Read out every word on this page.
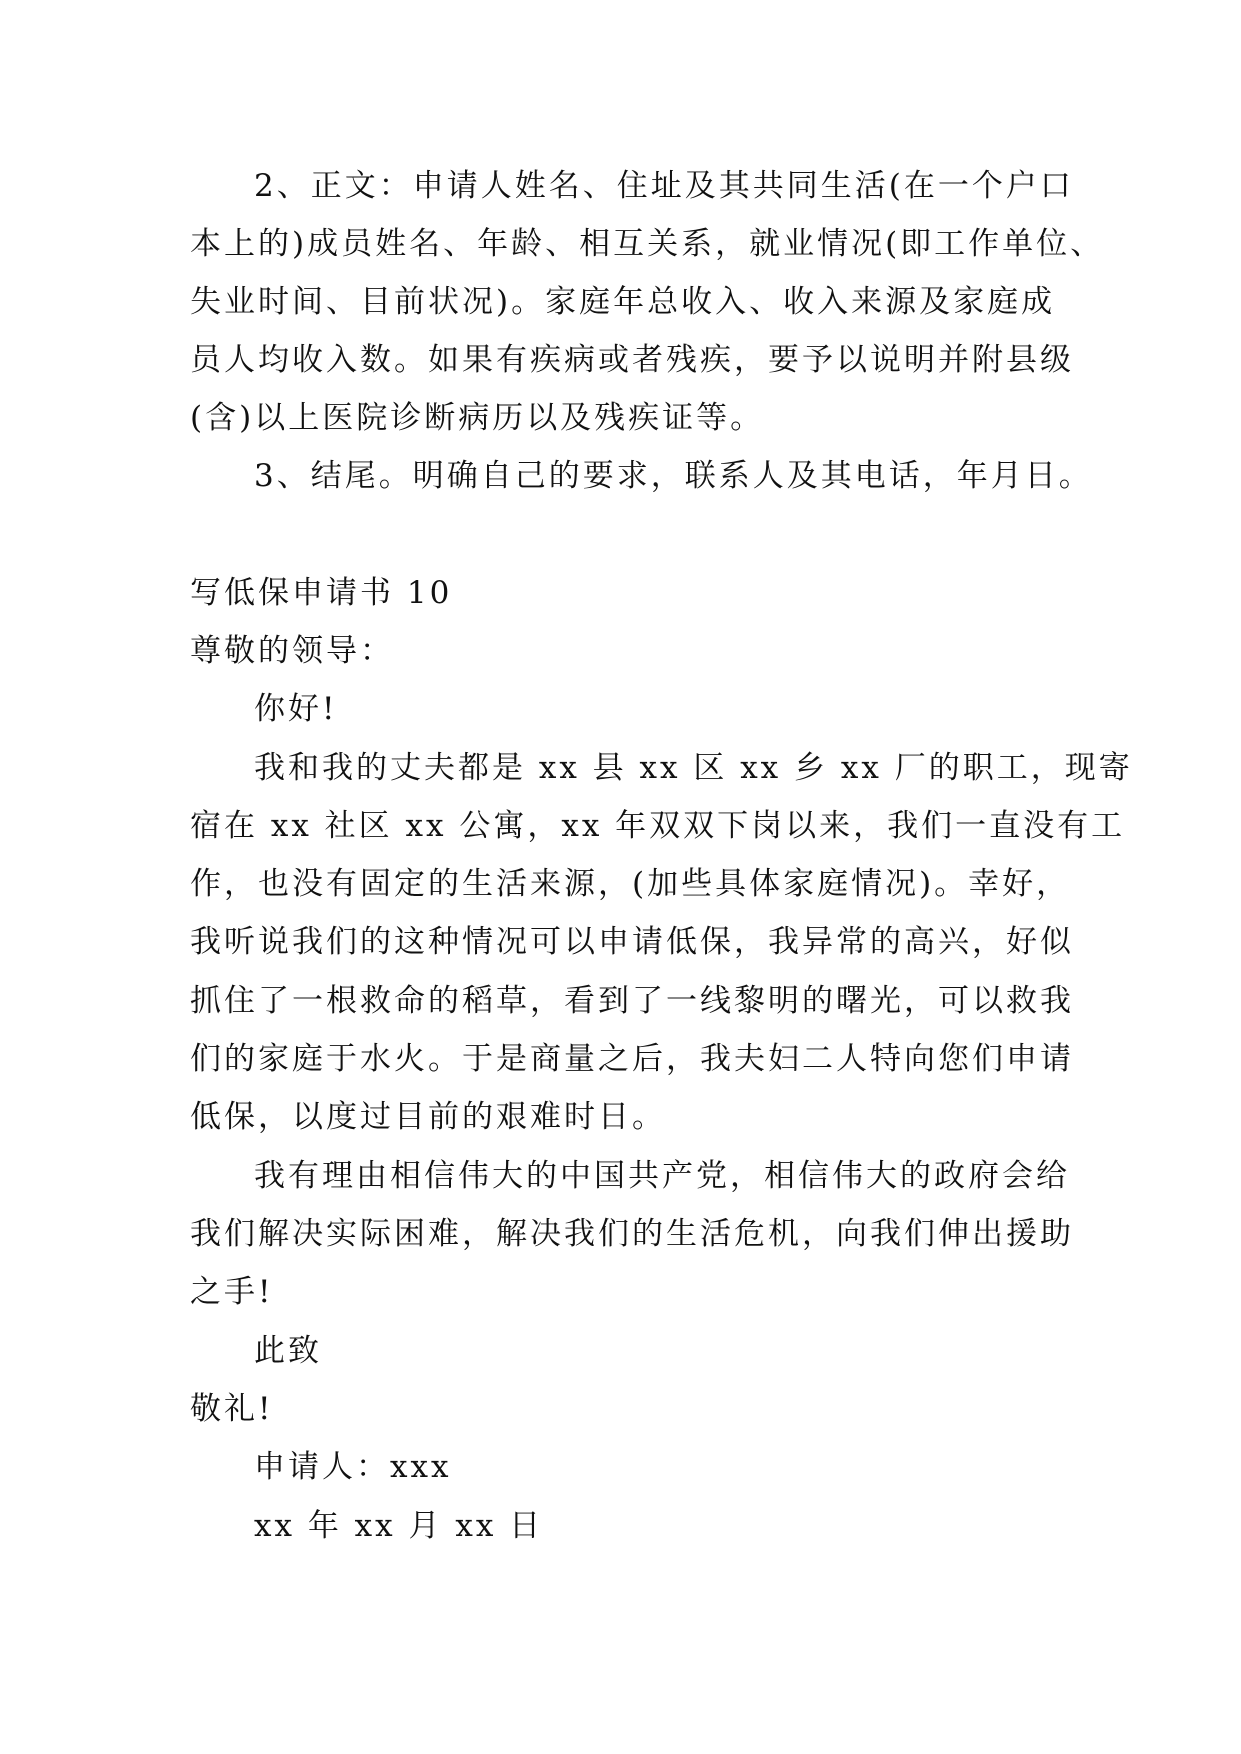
2、正文：申请人姓名、住址及其共同生活(在一个户口
本上的)成员姓名、年龄、相互关系，就业情况(即工作单位、
失业时间、目前状况)。家庭年总收入、收入来源及家庭成
员人均收入数。如果有疾病或者残疾，要予以说明并附县级
(含)以上医院诊断病历以及残疾证等。
3、结尾。明确自己的要求，联系人及其电话，年月日。
写低保申请书 10
尊敬的领导：
你好!
我和我的丈夫都是 xx 县 xx 区 xx 乡 xx 厂的职工，现寄
宿在 xx 社区 xx 公寓，xx 年双双下岗以来，我们一直没有工
作，也没有固定的生活来源，(加些具体家庭情况)。幸好，
我听说我们的这种情况可以申请低保，我异常的高兴，好似
抓住了一根救命的稻草，看到了一线黎明的曙光，可以救我
们的家庭于水火。于是商量之后，我夫妇二人特向您们申请
低保，以度过目前的艰难时日。
我有理由相信伟大的中国共产党，相信伟大的政府会给
我们解决实际困难，解决我们的生活危机，向我们伸出援助
之手!
此致
敬礼!
申请人：xxx
xx 年 xx 月 xx 日
